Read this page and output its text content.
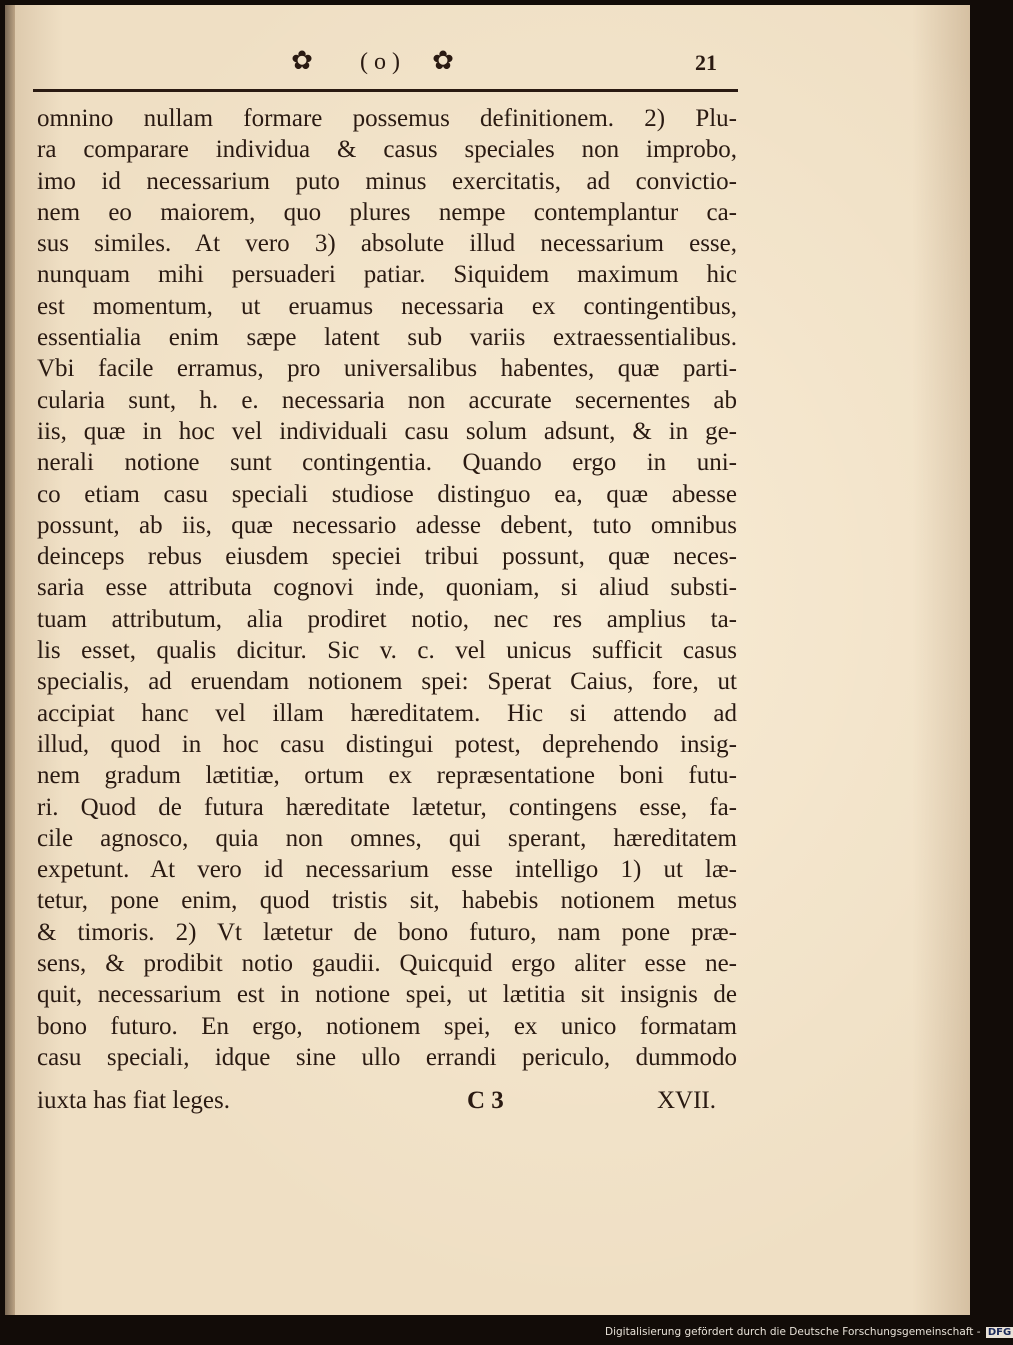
✿	( o )	✿	21
omnino nullam formare possemus definitionem. 2) Plu-
ra comparare individua & casus speciales non improbo,
imo id necessarium puto minus exercitatis, ad convictio-
nem eo maiorem, quo plures nempe contemplantur ca-
sus similes. At vero 3) absolute illud necessarium esse,
nunquam mihi persuaderi patiar. Siquidem maximum hic
est momentum, ut eruamus necessaria ex contingentibus,
essentialia enim sæpe latent sub variis extraessentialibus.
Vbi facile erramus, pro universalibus habentes, quæ parti-
cularia sunt, h. e. necessaria non accurate secernentes ab
iis, quæ in hoc vel individuali casu solum adsunt, & in ge-
nerali notione sunt contingentia. Quando ergo in uni-
co etiam casu speciali studiose distinguo ea, quæ abesse
possunt, ab iis, quæ necessario adesse debent, tuto omnibus
deinceps rebus eiusdem speciei tribui possunt, quæ neces-
saria esse attributa cognovi inde, quoniam, si aliud substi-
tuam attributum, alia prodiret notio, nec res amplius ta-
lis esset, qualis dicitur. Sic v. c. vel unicus sufficit casus
specialis, ad eruendam notionem spei: Sperat Caius, fore, ut
accipiat hanc vel illam hæreditatem. Hic si attendo ad
illud, quod in hoc casu distingui potest, deprehendo insig-
nem gradum lætitiæ, ortum ex repræsentatione boni futu-
ri. Quod de futura hæreditate lætetur, contingens esse, fa-
cile agnosco, quia non omnes, qui sperant, hæreditatem
expetunt. At vero id necessarium esse intelligo 1) ut læ-
tetur, pone enim, quod tristis sit, habebis notionem metus
& timoris. 2) Vt lætetur de bono futuro, nam pone præ-
sens, & prodibit notio gaudii. Quicquid ergo aliter esse ne-
quit, necessarium est in notione spei, ut lætitia sit insignis de
bono futuro. En ergo, notionem spei, ex unico formatam
casu speciali, idque sine ullo errandi periculo, dummodo
iuxta has fiat leges.	C 3	XVII.
Digitalisierung gefördert durch die Deutsche Forschungsgemeinschaft - DFG
